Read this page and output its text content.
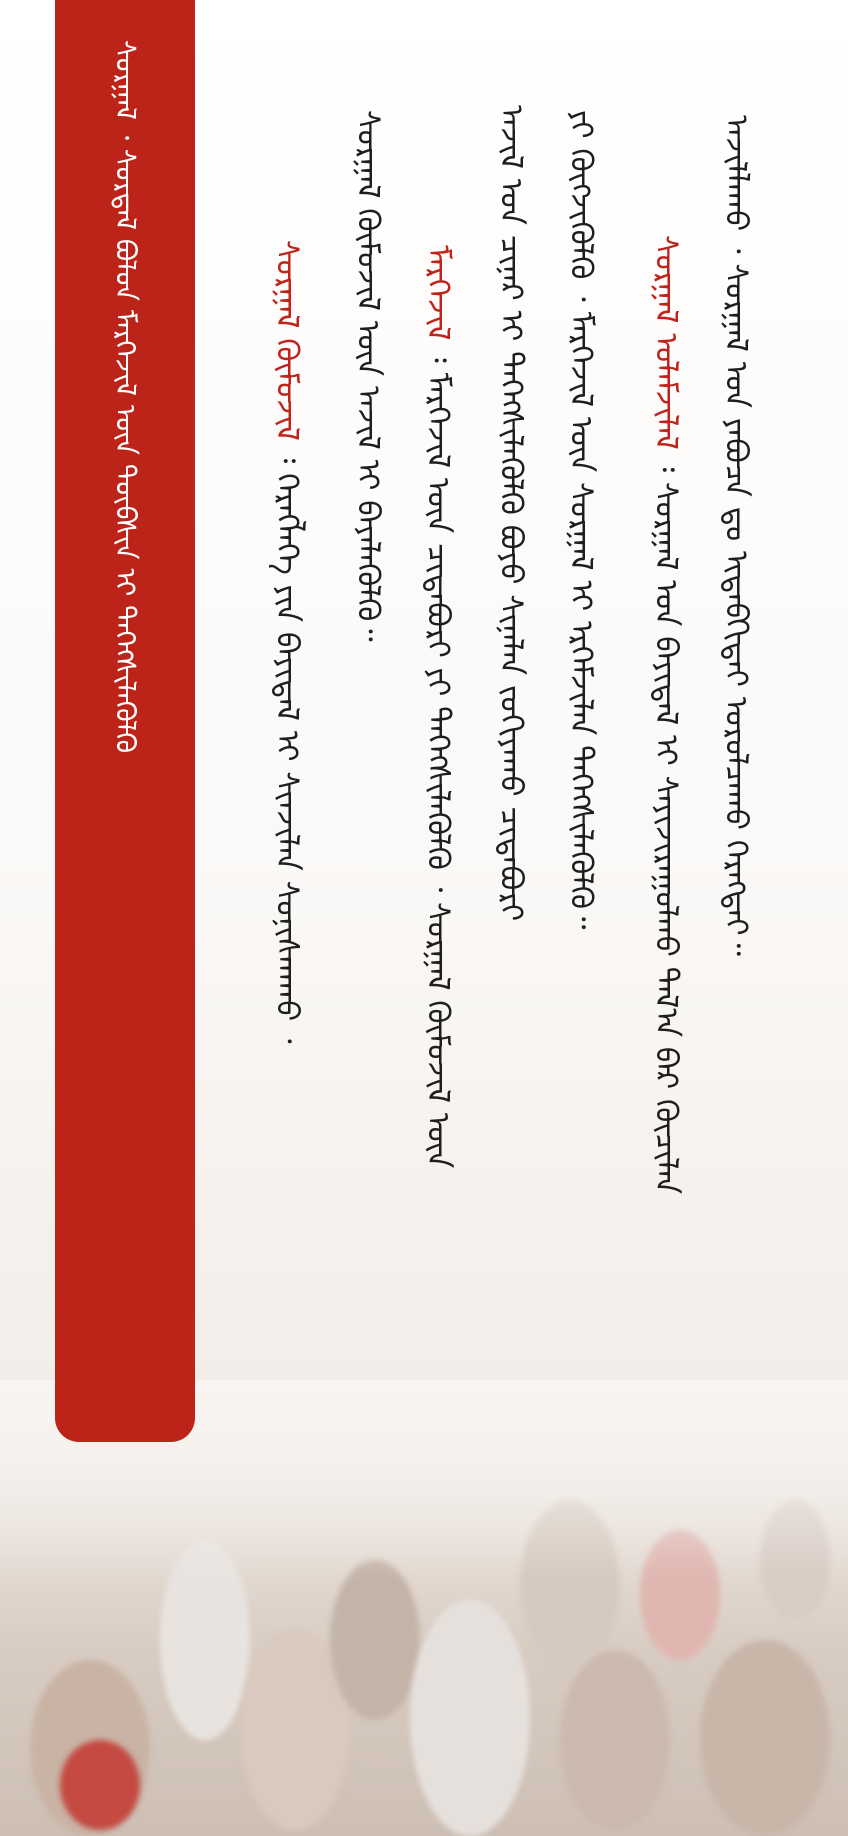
ᠰᠤᠷᠭᠠᠯ ᠂ ᠰᠤᠷᠲᠠᠯ ᠪᠣᠯᠤᠨ ᠮᠡᠷᠭᠡᠵᠢᠯ ᠦᠨ ᠲᠦᠪᠰᠢᠨ ᠢ ᠳᠡᠭᠡᠭᠰᠢᠯᠡᠭᠦᠯᠬᠦ	ᠰᠤᠷᠭᠠᠯ ᠬᠦᠮᠦᠵᠢᠯ ᠄ ᠬᠡᠷᠡᠭᠯᠡᠭᠡ ᠶᠢᠨ ᠪᠠᠶᠢᠳᠠᠯ ᠢ ᠰᠢᠨᠵᠢᠯᠡᠨ ᠰᠣᠨᠢᠰᠬᠠᠬᠤ ᠂
ᠰᠤᠷᠭᠠᠯ ᠬᠦᠮᠦᠵᠢᠯ ᠦᠨ ᠠᠵᠢᠯ ᠢ ᠪᠡᠶᠡᠯᠡᠭᠦᠯᠬᠦ᠃ ᠮᠡᠷᠭᠡᠵᠢᠯ ᠄ ᠮᠡᠷᠭᠡᠵᠢᠯ ᠦᠨ ᠴᠢᠳᠠᠪᠤᠷᠢ ᠶᠢ ᠳᠡᠭᠡᠭᠰᠢᠯᠡᠭᠦᠯᠬᠦ ᠂ ᠰᠤᠷᠭᠠᠯ ᠬᠦᠮᠦᠵᠢᠯ ᠦᠨ ᠠᠵᠢᠯ ᠤᠨ ᠴᠢᠨᠠᠷ ᠢ ᠳᠡᠭᠡᠭᠰᠢᠯᠡᠭᠦᠯᠬᠦ ᠪᠤᠶᠤ ᠰᠢᠨᠡᠯᠡᠨ ᠵᠣᠬᠢᠶᠠᠬᠤ ᠴᠢᠳᠠᠪᠤᠷᠢ ᠶᠢ ᠬᠥᠭᠵᠢᠭᠦᠯᠬᠦ ᠂ ᠮᠡᠷᠭᠡᠵᠢᠯ ᠦᠨ ᠰᠤᠷᠭᠠᠯ ᠢ ᠡᠷᠭᠡᠮᠵᠢᠯᠡᠨ ᠳᠡᠭᠡᠭᠰᠢᠯᠡᠭᠦᠯᠬᠦ᠃ ᠰᠤᠷᠭᠠᠯ ᠤᠯᠠᠮᠵᠢᠯᠠᠯ ᠄ ᠰᠤᠷᠭᠠᠯ ᠤᠨ ᠪᠠᠶᠢᠳᠠᠯ ᠢ ᠰᠠᠶᠢᠵᠢᠷᠠᠭᠤᠯᠬᠤ ᠲᠠᠯ᠎ᠠ ᠪᠡᠷ ᠬᠦᠴᠢᠯᠡᠨ ᠠᠵᠢᠯᠯᠠᠬᠤ ᠂ ᠰᠤᠷᠭᠠᠯ ᠤᠨ ᠶᠠᠪᠤᠴᠠ ᠳᠤ ᠢᠳᠡᠪᠬᠢᠲᠡᠶ ᠣᠷᠣᠯᠴᠠᠬᠤ ᠬᠡᠷᠡᠭᠲᠡᠶ᠃
